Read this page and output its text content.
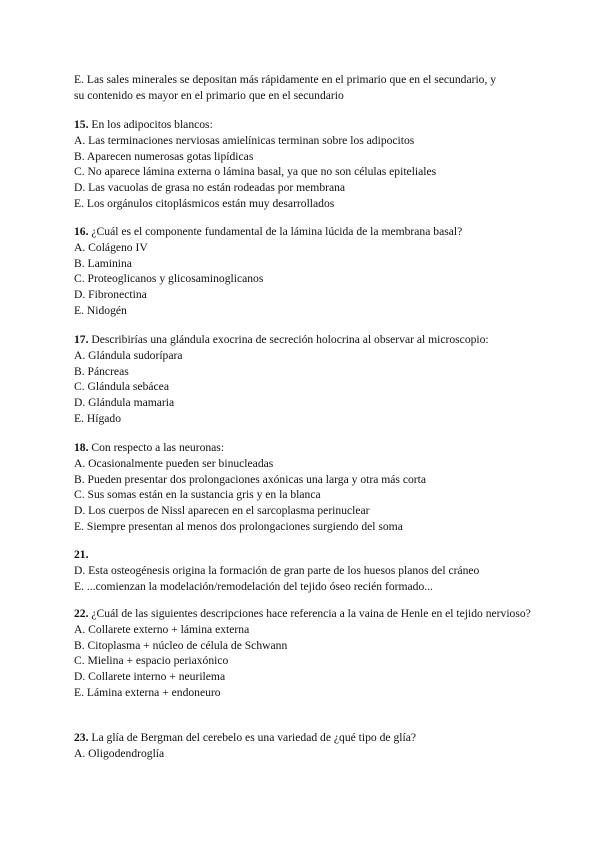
E. Las sales minerales se depositan más rápidamente en el primario que en el secundario, y
su contenido es mayor en el primario que en el secundario
15. En los adipocitos blancos:
A. Las terminaciones nerviosas amielínicas terminan sobre los adipocitos
B. Aparecen numerosas gotas lipídicas
C. No aparece lámina externa o lámina basal, ya que no son células epiteliales
D. Las vacuolas de grasa no están rodeadas por membrana
E. Los orgánulos citoplásmicos están muy desarrollados
16. ¿Cuál es el componente fundamental de la lámina lúcida de la membrana basal?
A. Colágeno IV
B. Laminina
C. Proteoglicanos y glicosaminoglicanos
D. Fibronectina
E. Nidogén
17. Describirías una glándula exocrina de secreción holocrina al observar al microscopio:
A. Glándula sudorípara
B. Páncreas
C. Glándula sebácea
D. Glándula mamaria
E. Hígado
18. Con respecto a las neuronas:
A. Ocasionalmente pueden ser binucleadas
B. Pueden presentar dos prolongaciones axónicas una larga y otra más corta
C. Sus somas están en la sustancia gris y en la blanca
D. Los cuerpos de Nissl aparecen en el sarcoplasma perinuclear
E. Siempre presentan al menos dos prolongaciones surgiendo del soma
21.
D. Esta osteogénesis origina la formación de gran parte de los huesos planos del cráneo
E. ...comienzan la modelación/remodelación del tejido óseo recién formado...
22. ¿Cuál de las siguientes descripciones hace referencia a la vaina de Henle en el tejido nervioso?
A. Collarete externo + lámina externa
B. Citoplasma + núcleo de célula de Schwann
C. Mielina + espacio periaxónico
D. Collarete interno + neurilema
E. Lámina externa + endoneuro
23. La glía de Bergman del cerebelo es una variedad de ¿qué tipo de glía?
A. Oligodendroglía
